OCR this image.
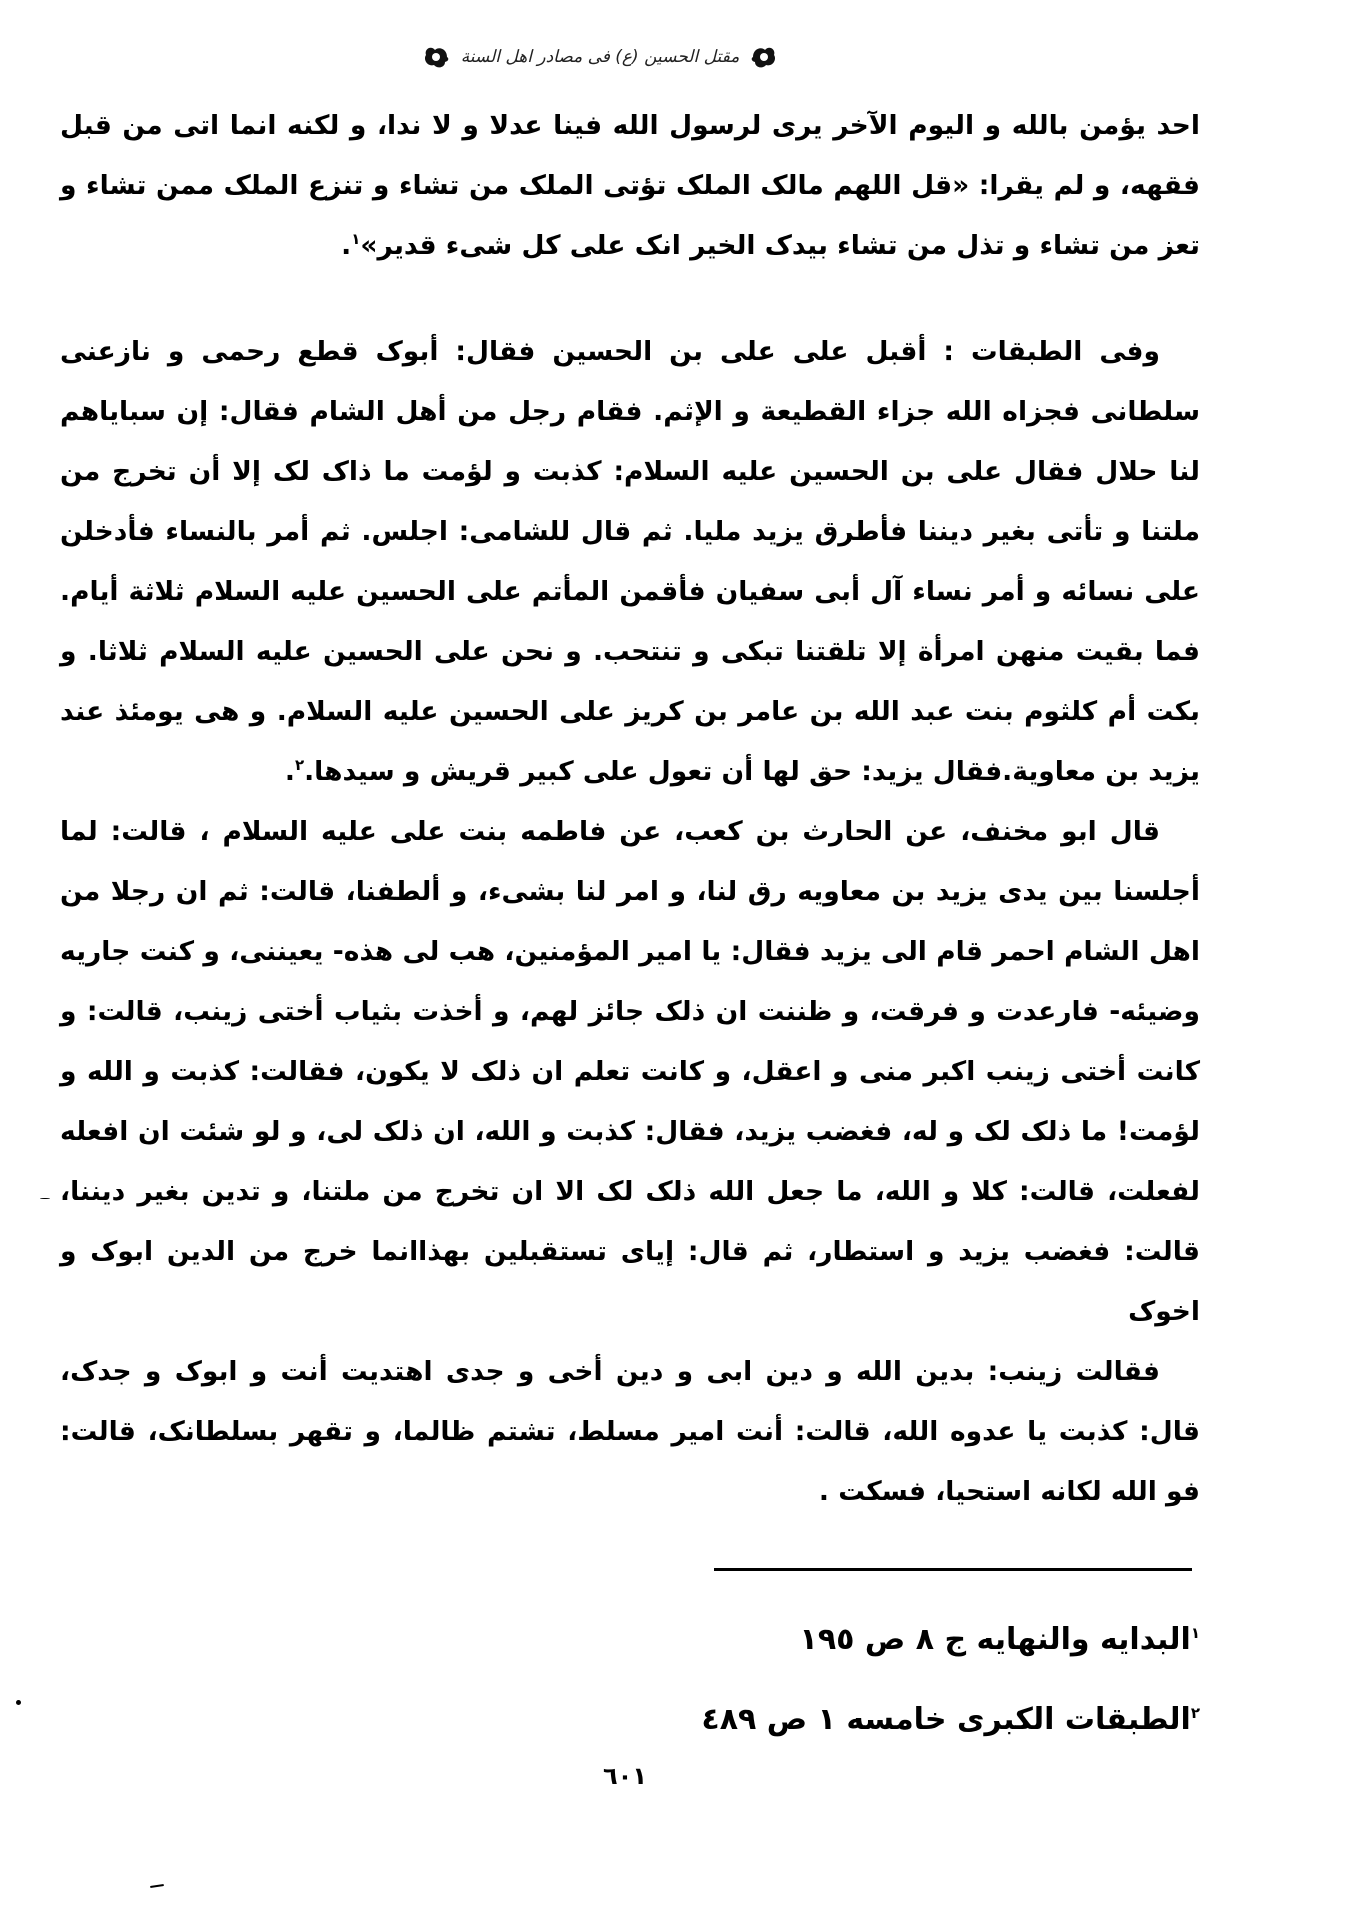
مقتل الحسین (ع) فی مصادر اهل السنة

احد یؤمن بالله و الیوم الآخر یری لرسول الله فینا عدلا و لا ندا، و لکنه انما اتی من قبل فقهه، و لم یقرا: «قل اللهم مالک الملک تؤتی الملک من تشاء و تنزع الملک ممن تشاء و تعز من تشاء و تذل من تشاء بیدک الخیر انک علی کل شیء قدیر»$^١$.

وفی الطبقات : أقبل علی علی بن الحسین فقال: أبوک قطع رحمی و نازعنی سلطانی فجزاه الله جزاء القطیعة و الإثم. فقام رجل من أهل الشام فقال: إن سبایاهم لنا حلال فقال علی بن الحسین علیه السلام: کذبت و لؤمت ما ذاک لک إلا أن تخرج من ملتنا و تأتی بغیر دیننا فأطرق یزید ملیا. ثم قال للشامی: اجلس. ثم أمر بالنساء فأدخلن علی نسائه و أمر نساء آل أبی سفیان فأقمن المأتم علی الحسین علیه السلام ثلاثة أیام. فما بقیت منهن امرأة إلا تلقتنا تبکی و تنتحب. و نحن علی الحسین علیه السلام ثلاثا. و بکت أم کلثوم بنت عبد الله بن عامر بن کریز علی الحسین علیه السلام. و هی یومئذ عند یزید بن معاویة.فقال یزید: حق لها أن تعول علی کبیر قریش و سیدها.$^٢$.

قال ابو مخنف، عن الحارث بن کعب، عن فاطمه بنت علی علیه السلام ، قالت: لما أجلسنا بین یدی یزید بن معاویه رق لنا، و امر لنا بشیء، و ألطفنا، قالت: ثم ان رجلا من اهل الشام احمر قام الی یزید فقال: یا امیر المؤمنین، هب لی هذه- یعیننی، و کنت جاریه وضیئه- فارعدت و فرقت، و ظننت ان ذلک جائز لهم، و أخذت بثیاب أختی زینب، قالت: و کانت أختی زینب اکبر منی و اعقل، و کانت تعلم ان ذلک لا یکون، فقالت: کذبت و الله و لؤمت! ما ذلک لک و له، فغضب یزید، فقال: کذبت و الله، ان ذلک لی، و لو شئت ان افعله لفعلت، قالت: کلا و الله، ما جعل الله ذلک لک الا ان تخرج من ملتنا، و تدین بغیر دیننا، قالت: فغضب یزید و استطار، ثم قال: إیای تستقبلین بهذاانما خرج من الدین ابوک و اخوک

فقالت زینب: بدین الله و دین ابی و دین أخی و جدی اهتدیت أنت و ابوک و جدک، قال: کذبت یا عدوه الله، قالت: أنت امیر مسلط، تشتم ظالما، و تقهر بسلطانک، قالت: فو الله لکانه استحیا، فسکت .

$^١$البدایه والنهایه ج ٨ ص ١٩٥
$^٢$الطبقات الکبری خامسه ١ ص ٤٨٩
٦٠١
